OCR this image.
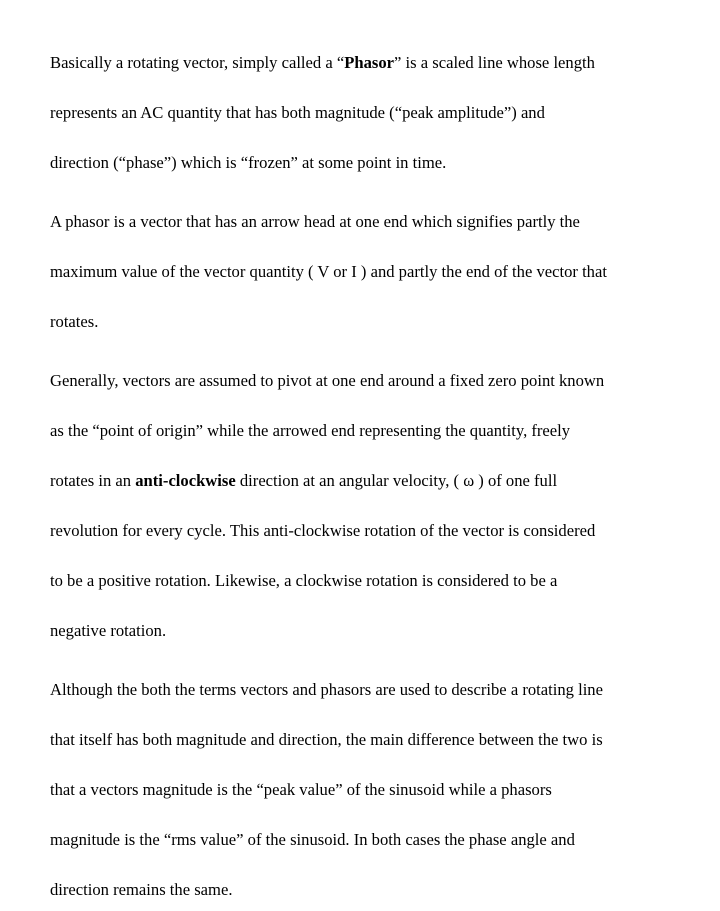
Basically a rotating vector, simply called a “Phasor” is a scaled line whose length

represents an AC quantity that has both magnitude (“peak amplitude”) and

direction (“phase”) which is “frozen” at some point in time.

A phasor is a vector that has an arrow head at one end which signifies partly the

maximum value of the vector quantity ( V or I ) and partly the end of the vector that

rotates.

Generally, vectors are assumed to pivot at one end around a fixed zero point known

as the “point of origin” while the arrowed end representing the quantity, freely

rotates in an anti-clockwise direction at an angular velocity, ( ω ) of one full

revolution for every cycle. This anti-clockwise rotation of the vector is considered

to be a positive rotation. Likewise, a clockwise rotation is considered to be a

negative rotation.

Although the both the terms vectors and phasors are used to describe a rotating line

that itself has both magnitude and direction, the main difference between the two is

that a vectors magnitude is the “peak value” of the sinusoid while a phasors

magnitude is the “rms value” of the sinusoid. In both cases the phase angle and

direction remains the same.
